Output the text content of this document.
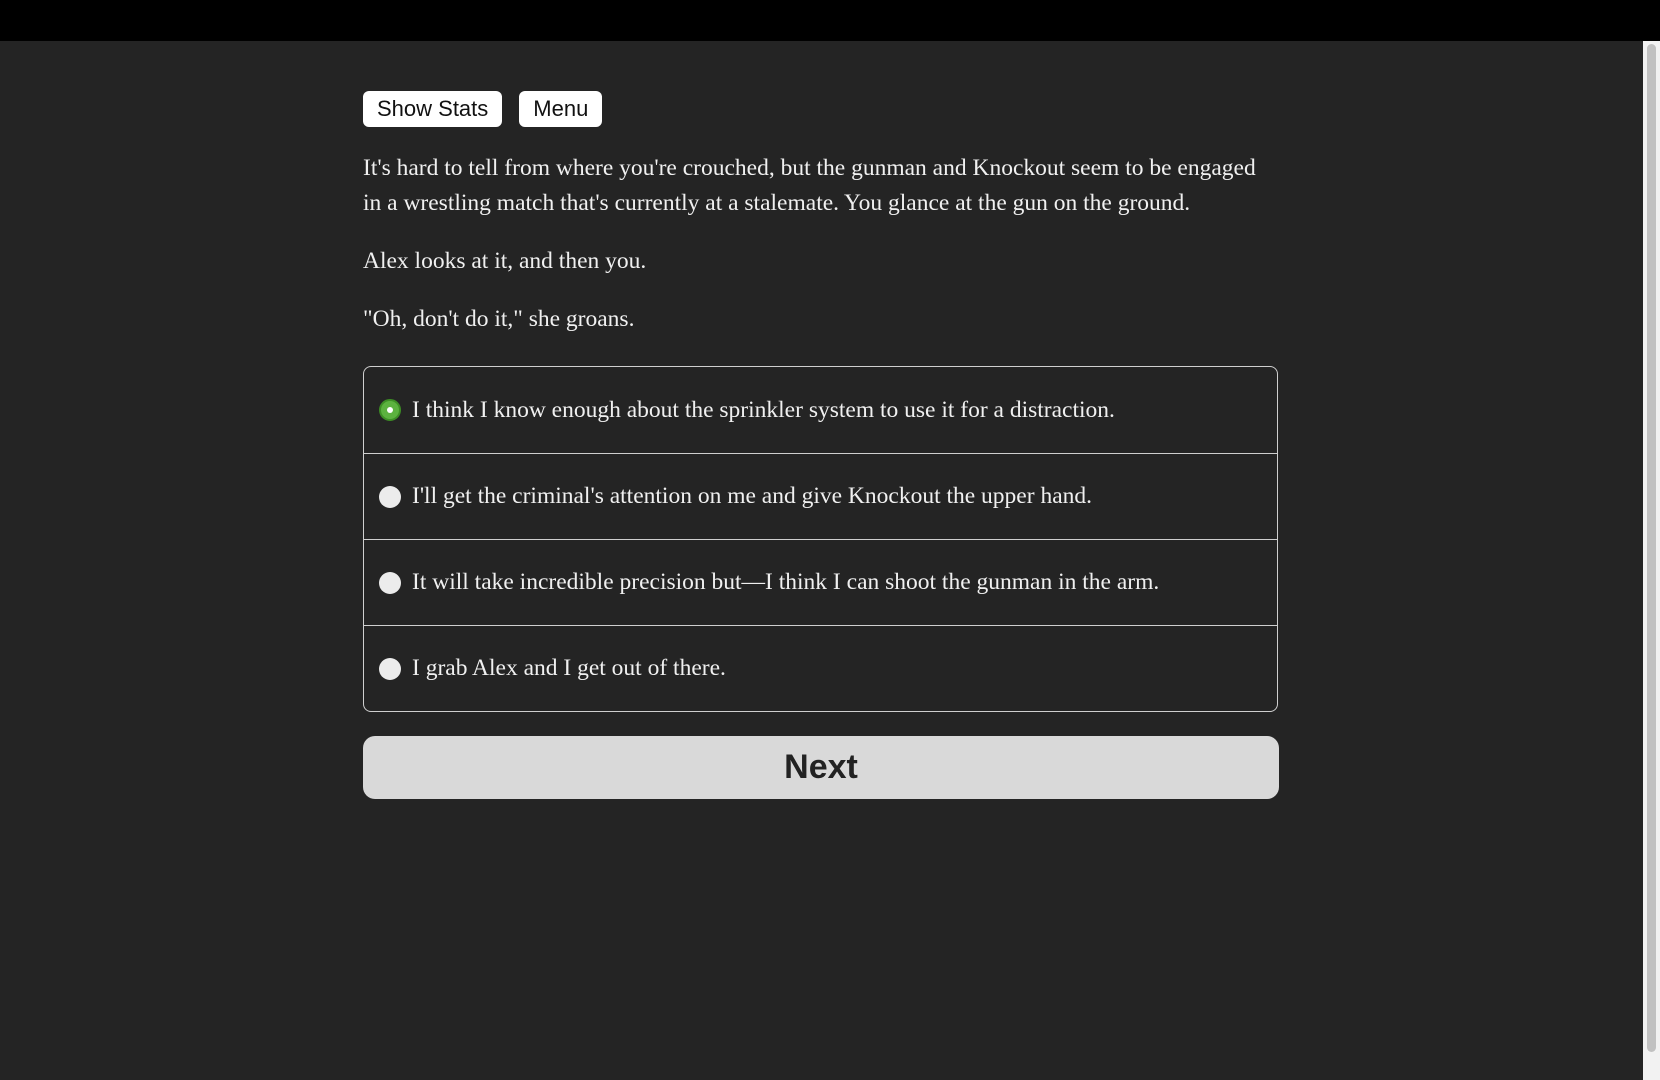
Show Stats	Menu

It's hard to tell from where you're crouched, but the gunman and Knockout seem to be engaged in a wrestling match that's currently at a stalemate. You glance at the gun on the ground.

Alex looks at it, and then you.

"Oh, don't do it," she groans.

I think I know enough about the sprinkler system to use it for a distraction.
I'll get the criminal's attention on me and give Knockout the upper hand.
It will take incredible precision but—I think I can shoot the gunman in the arm.
I grab Alex and I get out of there.
Next
